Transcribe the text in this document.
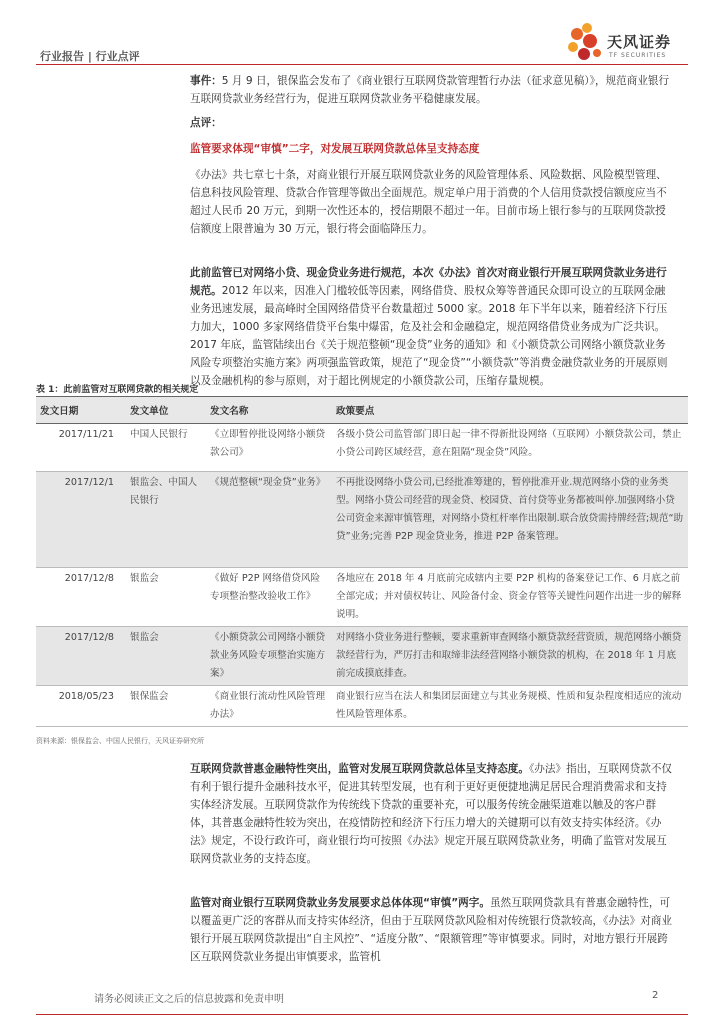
行业报告 | 行业点评
天风证券
TF SECURITIES

事件：5 月 9 日，银保监会发布了《商业银行互联网贷款管理暂行办法（征求意见稿）》，规范商业银行互联网贷款业务经营行为，促进互联网贷款业务平稳健康发展。

点评：

监管要求体现“审慎”二字，对发展互联网贷款总体呈支持态度

《办法》共七章七十条，对商业银行开展互联网贷款业务的风险管理体系、风险数据、风险模型管理、信息科技风险管理、贷款合作管理等做出全面规范。规定单户用于消费的个人信用贷款授信额度应当不超过人民币 20 万元，到期一次性还本的，授信期限不超过一年。目前市场上银行参与的互联网贷款授信额度上限普遍为 30 万元，银行将会面临降压力。

此前监管已对网络小贷、现金贷业务进行规范，本次《办法》首次对商业银行开展互联网贷款业务进行规范。2012 年以来，因准入门槛较低等因素，网络借贷、股权众筹等普通民众即可设立的互联网金融业务迅速发展，最高峰时全国网络借贷平台数量超过 5000 家。2018 年下半年以来，随着经济下行压力加大，1000 多家网络借贷平台集中爆雷，危及社会和金融稳定，规范网络借贷业务成为广泛共识。2017 年底，监管陆续出台《关于规范整顿“现金贷”业务的通知》和《小额贷款公司网络小额贷款业务风险专项整治实施方案》两项强监管政策，规范了“现金贷”“小额贷款”等消费金融贷款业务的开展原则以及金融机构的参与原则，对于超比例规定的小额贷款公司，压缩存量规模。

表 1：此前监管对互联网贷款的相关规定
发文日期	发文单位	发文名称	政策要点
2017/11/21	中国人民银行	《立即暂停批设网络小额贷款公司》	各级小贷公司监管部门即日起一律不得新批设网络（互联网）小额贷款公司，禁止小贷公司跨区域经营，意在阻隔“现金贷”风险。
2017/12/1	银监会、中国人民银行	《规范整顿“现金贷”业务》	不再批设网络小贷公司,已经批准筹建的，暂停批准开业.规范网络小贷的业务类型。网络小贷公司经营的现金贷、校园贷、首付贷等业务都被叫停.加强网络小贷公司资金来源审慎管理，对网络小贷杠杆率作出限制.联合放贷需持牌经营;规范“助贷”业务;完善 P2P 现金贷业务，推进 P2P 备案管理。
2017/12/8	银监会	《做好 P2P 网络借贷风险专项整治整改验收工作》	各地应在 2018 年 4 月底前完成辖内主要 P2P 机构的备案登记工作、6 月底之前全部完成；并对债权转让、风险备付金、资金存管等关键性问题作出进一步的解释说明。
2017/12/8	银监会	《小额贷款公司网络小额贷款业务风险专项整治实施方案》	对网络小贷业务进行整顿，要求重新审查网络小额贷款经营资质，规范网络小额贷款经营行为，严厉打击和取缔非法经营网络小额贷款的机构，在 2018 年 1 月底前完成摸底排查。
2018/05/23	银保监会	《商业银行流动性风险管理办法》	商业银行应当在法人和集团层面建立与其业务规模、性质和复杂程度相适应的流动性风险管理体系。
资料来源：银保监会、中国人民银行，天风证券研究所

互联网贷款普惠金融特性突出，监管对发展互联网贷款总体呈支持态度。《办法》指出，互联网贷款不仅有利于银行提升金融科技水平，促进其转型发展，也有利于更好更便捷地满足居民合理消费需求和支持实体经济发展。互联网贷款作为传统线下贷款的重要补充，可以服务传统金融渠道难以触及的客户群体，其普惠金融特性较为突出，在疫情防控和经济下行压力增大的关键期可以有效支持实体经济。《办法》规定，不设行政许可，商业银行均可按照《办法》规定开展互联网贷款业务，明确了监管对发展互联网贷款业务的支持态度。

监管对商业银行互联网贷款业务发展要求总体体现“审慎”两字。虽然互联网贷款具有普惠金融特性，可以覆盖更广泛的客群从而支持实体经济，但由于互联网贷款风险相对传统银行贷款较高，《办法》对商业银行开展互联网贷款提出“自主风控”、“适度分散”、“限额管理”等审慎要求。同时，对地方银行开展跨区互联网贷款业务提出审慎要求，监管机

请务必阅读正文之后的信息披露和免责申明	2
